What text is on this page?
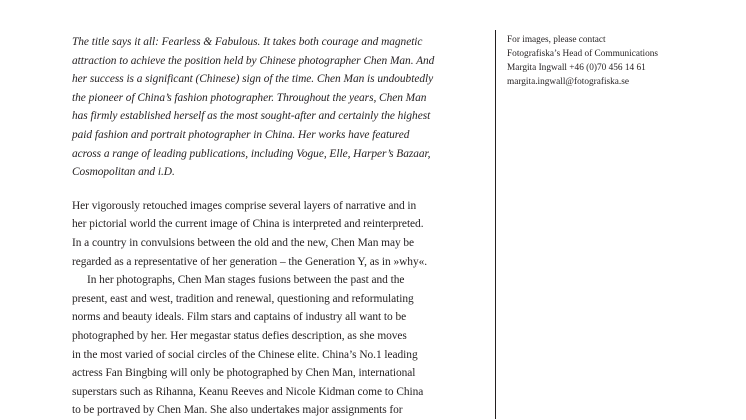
The title says it all: Fearless & Fabulous. It takes both courage and magnetic
attraction to achieve the position held by Chinese photographer Chen Man. And
her success is a significant (Chinese) sign of the time. Chen Man is undoubtedly
the pioneer of China’s fashion photographer. Throughout the years, Chen Man
has firmly established herself as the most sought-after and certainly the highest
paid fashion and portrait photographer in China. Her works have featured
across a range of leading publications, including Vogue, Elle, Harper’s Bazaar,
Cosmopolitan and i.D.

Her vigorously retouched images comprise several layers of narrative and in
her pictorial world the current image of China is interpreted and reinterpreted.
In a country in convulsions between the old and the new, Chen Man may be
regarded as a representative of her generation – the Generation Y, as in »why«.

In her photographs, Chen Man stages fusions between the past and the
present, east and west, tradition and renewal, questioning and reformulating
norms and beauty ideals. Film stars and captains of industry all want to be
photographed by her. Her megastar status defies description, as she moves
in the most varied of social circles of the Chinese elite. China’s No.1 leading
actress Fan Bingbing will only be photographed by Chen Man, international
superstars such as Rihanna, Keanu Reeves and Nicole Kidman come to China
to be portraved by Chen Man. She also undertakes major assignments for

For images, please contact
Fotografiska’s Head of Communications
Margita Ingwall +46 (0)70 456 14 61
margita.ingwall@fotografiska.se
